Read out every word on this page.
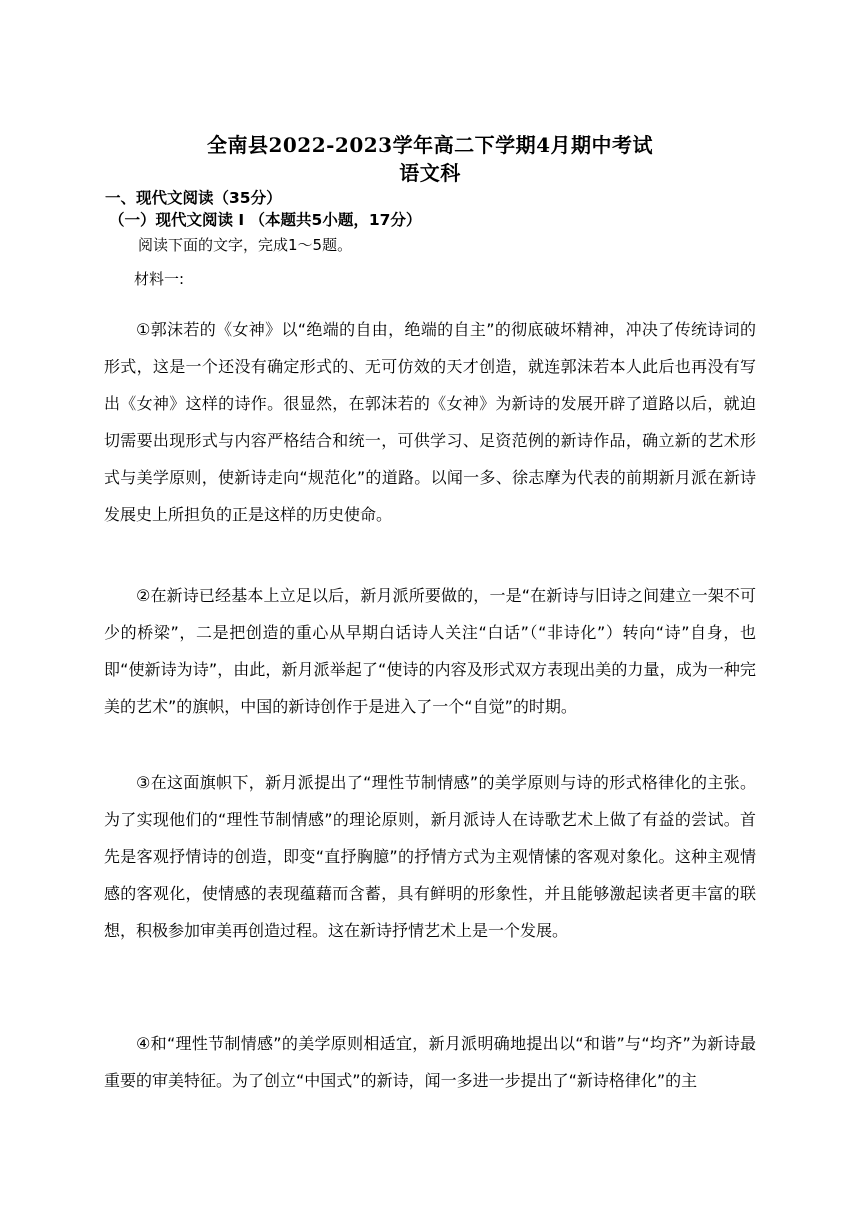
全南县2022-2023学年高二下学期4月期中考试
语文科
一、现代文阅读（35分）
（一）现代文阅读 I （本题共5小题，17分）
阅读下面的文字，完成1～5题。
材料一:

①郭沫若的《女神》以“绝端的自由，绝端的自主”的彻底破坏精神，冲决了传统诗词的形式，这是一个还没有确定形式的、无可仿效的天才创造，就连郭沫若本人此后也再没有写出《女神》这样的诗作。很显然，在郭沫若的《女神》为新诗的发展开辟了道路以后，就迫切需要出现形式与内容严格结合和统一，可供学习、足资范例的新诗作品，确立新的艺术形式与美学原则，使新诗走向“规范化”的道路。以闻一多、徐志摩为代表的前期新月派在新诗发展史上所担负的正是这样的历史使命。

②在新诗已经基本上立足以后，新月派所要做的，一是“在新诗与旧诗之间建立一架不可少的桥梁”，二是把创造的重心从早期白话诗人关注“白话”（“非诗化”）转向“诗”自身，也即“使新诗为诗”，由此，新月派举起了“使诗的内容及形式双方表现出美的力量，成为一种完美的艺术”的旗帜，中国的新诗创作于是进入了一个“自觉”的时期。

③在这面旗帜下，新月派提出了“理性节制情感”的美学原则与诗的形式格律化的主张。为了实现他们的“理性节制情感”的理论原则，新月派诗人在诗歌艺术上做了有益的尝试。首先是客观抒情诗的创造，即变“直抒胸臆”的抒情方式为主观情愫的客观对象化。这种主观情感的客观化，使情感的表现蕴藉而含蓄，具有鲜明的形象性，并且能够激起读者更丰富的联想，积极参加审美再创造过程。这在新诗抒情艺术上是一个发展。

④和“理性节制情感”的美学原则相适宜，新月派明确地提出以“和谐”与“均齐”为新诗最重要的审美特征。为了创立“中国式”的新诗，闻一多进一步提出了“新诗格律化”的主
